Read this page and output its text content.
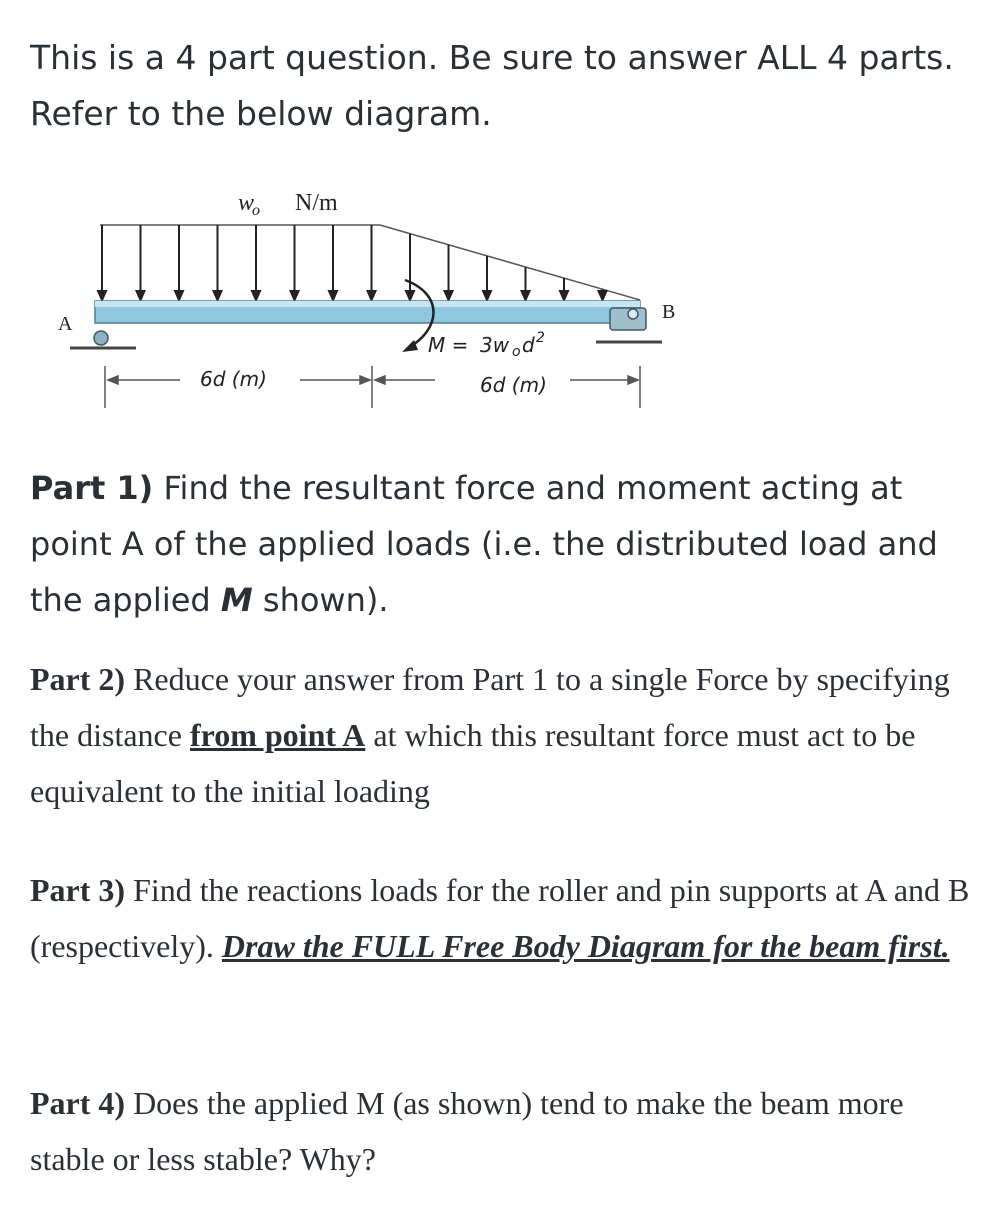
This is a 4 part question. Be sure to answer ALL 4 parts.
Refer to the below diagram.
w
o N/m
A
B
M = 3w o d 2
6d (m)	6d (m)
Part 1) Find the resultant force and moment acting at point A of the applied loads (i.e. the distributed load and the applied M shown).
Part 2) Reduce your answer from Part 1 to a single Force by specifying the distance from point A at which this resultant force must act to be equivalent to the initial loading
Part 3) Find the reactions loads for the roller and pin supports at A and B (respectively). Draw the FULL Free Body Diagram for the beam first.
Part 4) Does the applied M (as shown) tend to make the beam more stable or less stable? Why?
